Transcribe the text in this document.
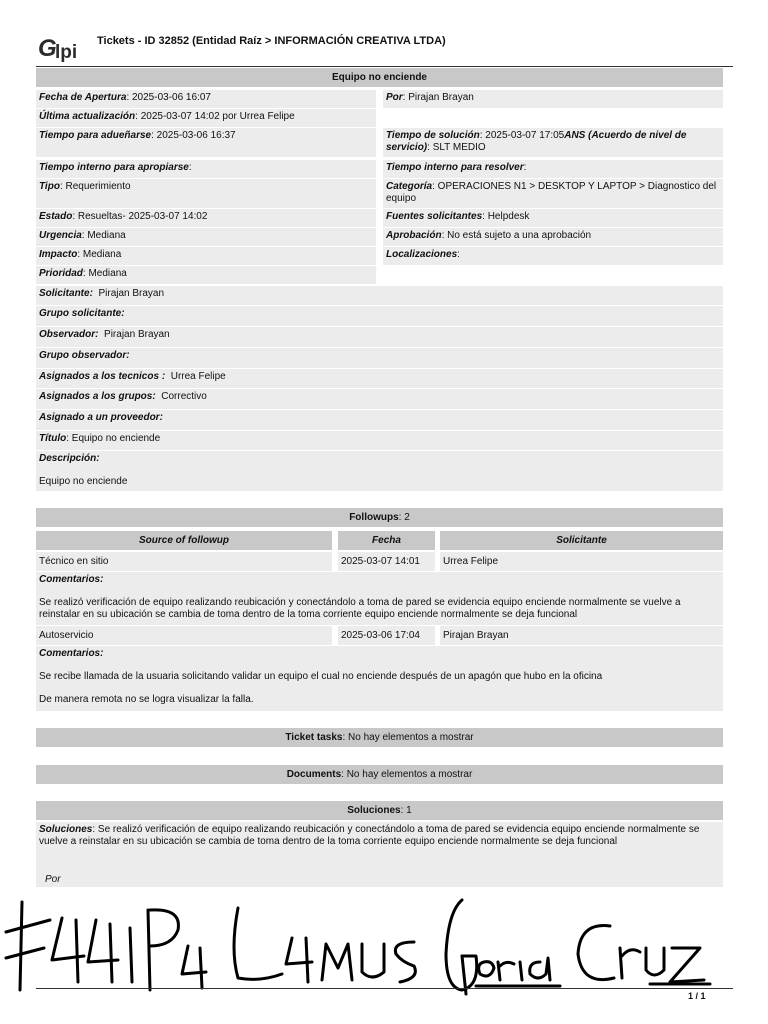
G
lpi
Tickets - ID 32852 (Entidad Raíz > INFORMACIÓN CREATIVA LTDA)
Equipo no enciende
Fecha de Apertura: 2025-03-06 16:07	Por: Pirajan Brayan
Última actualización: 2025-03-07 14:02 por Urrea Felipe
Tiempo para adueñarse: 2025-03-06 16:37	Tiempo de solución: 2025-03-07 17:05ANS (Acuerdo de nivel de servicio): SLT MEDIO
Tiempo interno para apropiarse:	Tiempo interno para resolver:
Tipo: Requerimiento	Categoría: OPERACIONES N1 > DESKTOP Y LAPTOP > Diagnostico del equipo
Estado: Resueltas- 2025-03-07 14:02	Fuentes solicitantes: Helpdesk
Urgencia: Mediana	Aprobación: No está sujeto a una aprobación
Impacto: Mediana	Localizaciones:
Prioridad: Mediana
Solicitante: Pirajan Brayan
Grupo solicitante:
Observador: Pirajan Brayan
Grupo observador:
Asignados a los tecnicos : Urrea Felipe
Asignados a los grupos: Correctivo
Asignado a un proveedor:
Título: Equipo no enciende
Descripción:
Equipo no enciende
Followups: 2
Source of followup	Fecha	Solicitante
Técnico en sitio	2025-03-07 14:01	Urrea Felipe
Comentarios:
Se realizó verificación de equipo realizando reubicación y conectándolo a toma de pared se evidencia equipo enciende normalmente se vuelve a reinstalar en su ubicación se cambia de toma dentro de la toma corriente equipo enciende normalmente se deja funcional
Autoservicio	2025-03-06 17:04	Pirajan Brayan
Comentarios:
Se recibe llamada de la usuaria solicitando validar un equipo el cual no enciende después de un apagón que hubo en la oficina
De manera remota no se logra visualizar la falla.
Ticket tasks: No hay elementos a mostrar
Documents: No hay elementos a mostrar
Soluciones: 1
Soluciones: Se realizó verificación de equipo realizando reubicación y conectándolo a toma de pared se evidencia equipo enciende normalmente se vuelve a reinstalar en su ubicación se cambia de toma dentro de la toma corriente equipo enciende normalmente se deja funcional
Por
1 / 1
